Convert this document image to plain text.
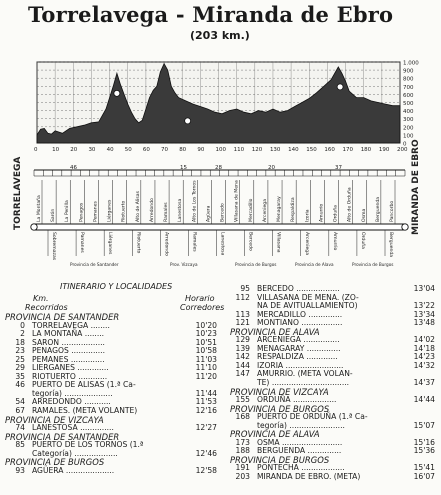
Torrelavega - Miranda de Ebro
(203 km.)
1.000
900
800
700
600
500
400
300
200
100
0
0	10 20 30 40 50 60 70 80 90 100 110 120 130 140 150 160 170 180 190 200
46	15	28	20	37
TORRELAVEGA	MIRANDA DE EBRO
La Montaña	Sarón La Penilla Penagos Pemanes	Liérganes Riotuerto Alto de Alisas Arredondo Ramales Lanestosa Alto de Los Tornos Agüera Bercedo Villasana de Mena Mercadillo Arceniega Menagaray Respaldiza Izoria Amurrio Orduña Alto de Orduña Osma Berguenda Pancorbo
Sobremazas	Pamanes	Liérganes	Riotuerto	Arredondo	Ramales	Lanestosa	Bercedo	Villasana	Arceniega	Amurrio	Orduña	Berguenda
Provincia de Santander	Prov. Vizcaya	Provincia de Burgos	Provincia de Alava	Provincia de Burgos
ITINERARIO Y LOCALIDADES
Km.
Recorridos
Horario
Corredores
PROVINCIA DE SANTANDER
0 TORRELAVEGA ........	10'20
2 LA MONTAÑA ........	10'23
18 SARON ..................	10'51
23 PENAGOS ..............	10'58
25 PEMANES ..............	11'03
29 LIERGANES .............	11'10
35 RIOTUERTO ............	11'20
46 PUERTO DE ALISAS (1.ª Ca-
tegoría) ....................	11'44
54 ARREDONDO ...........	11'53
67 RAMALES. (META VOLANTE)	12'16
PROVINCIA DE VIZCAYA
74 LANESTOSA ..............	12'27
PROVINCIA DE SANTANDER
85 PUERTO DE LOS TORNOS (1.ª
Categoría) ..................	12'46
PROVINCIA DE BURGOS
93 AGÜERA ....................	12'58
95 BERCEDO ..................	13'04
112 VILLASANA DE MENA. (ZO-
NA DE AVITUALLAMIENTO)	13'22
113 MERCADILLO ..............	13'34
121 MONTIANO .................	13'48
PROVINCIA DE ALAVA
129 ARCENIEGA ...............	14'02
139 MENAGARAY ..............	14'18
142 RESPALDIZA .............	14'23
144 IZORIA ........................	14'32
147 AMURRIO. (META VOLAN-
TE) ................................	14'37
PROVINCIA DE VIZCAYA
155 ORDUÑA ..................	14'44
PROVINCIA DE BURGOS
168 PUERTO DE ORDUÑA (1.ª Ca-
tegoría) .......................	15'07
PROVINCIA DE ALAVA
173 OSMA .........................	15'16
188 BERGUENDA ..............	15'36
PROVINCIA DE BURGOS
191 PONTECHA ..................	15'41
203 MIRANDA DE EBRO. (META)	16'07
